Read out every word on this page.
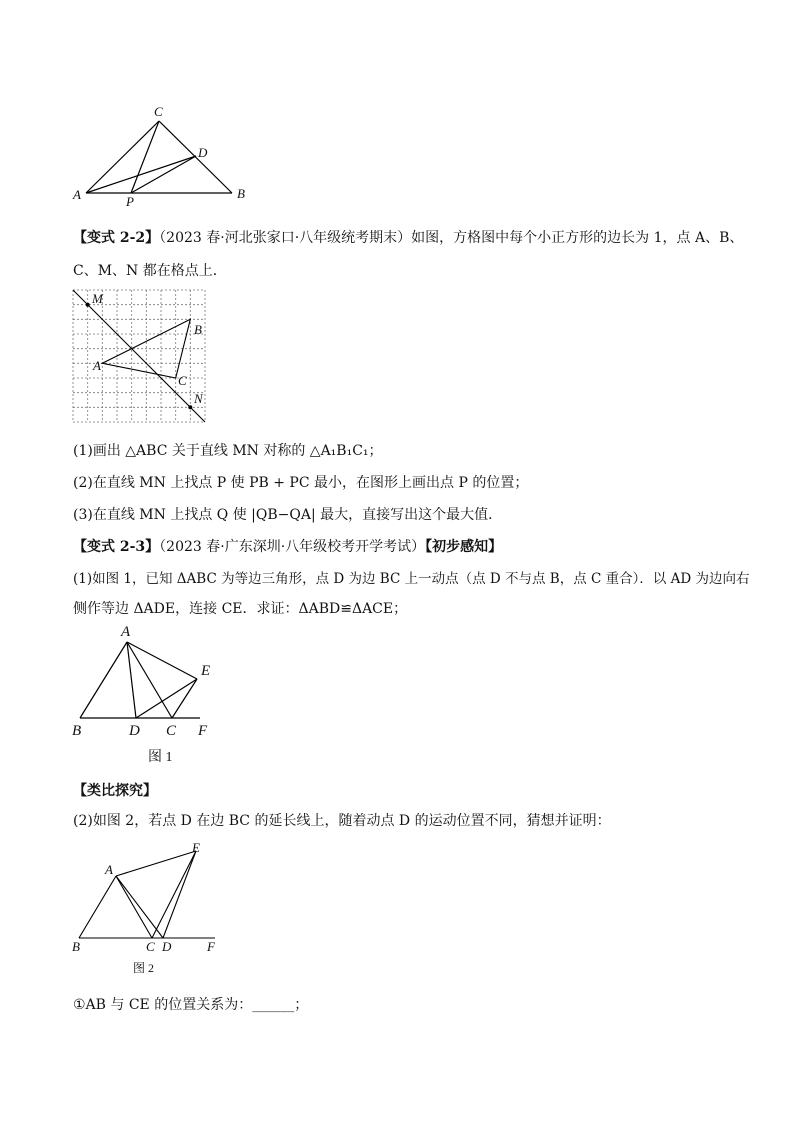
C
D
A	B
P
【变式 2-2】（2023 春·河北张家口·八年级统考期末）如图，方格图中每个小正方形的边长为 1，点 A、B、
C、M、N 都在格点上．
M
B
A
C
N
(1)画出 △ABC 关于直线 MN 对称的 △A₁B₁C₁；
(2)在直线 MN 上找点 P 使 PB + PC 最小，在图形上画出点 P 的位置；
(3)在直线 MN 上找点 Q 使 |QB−QA| 最大，直接写出这个最大值．
【变式 2-3】（2023 春·广东深圳·八年级校考开学考试）【初步感知】
(1)如图 1，已知 ΔABC 为等边三角形，点 D 为边 BC 上一动点（点 D 不与点 B，点 C 重合）．以 AD 为边向右
侧作等边 ΔADE，连接 CE．求证：ΔABD≌ΔACE；
A
E
B	D C F
图 1
【类比探究】
(2)如图 2，若点 D 在边 BC 的延长线上，随着动点 D 的运动位置不同，猜想并证明：
E
A
B	C D	F
图 2
①AB 与 CE 的位置关系为：______；
